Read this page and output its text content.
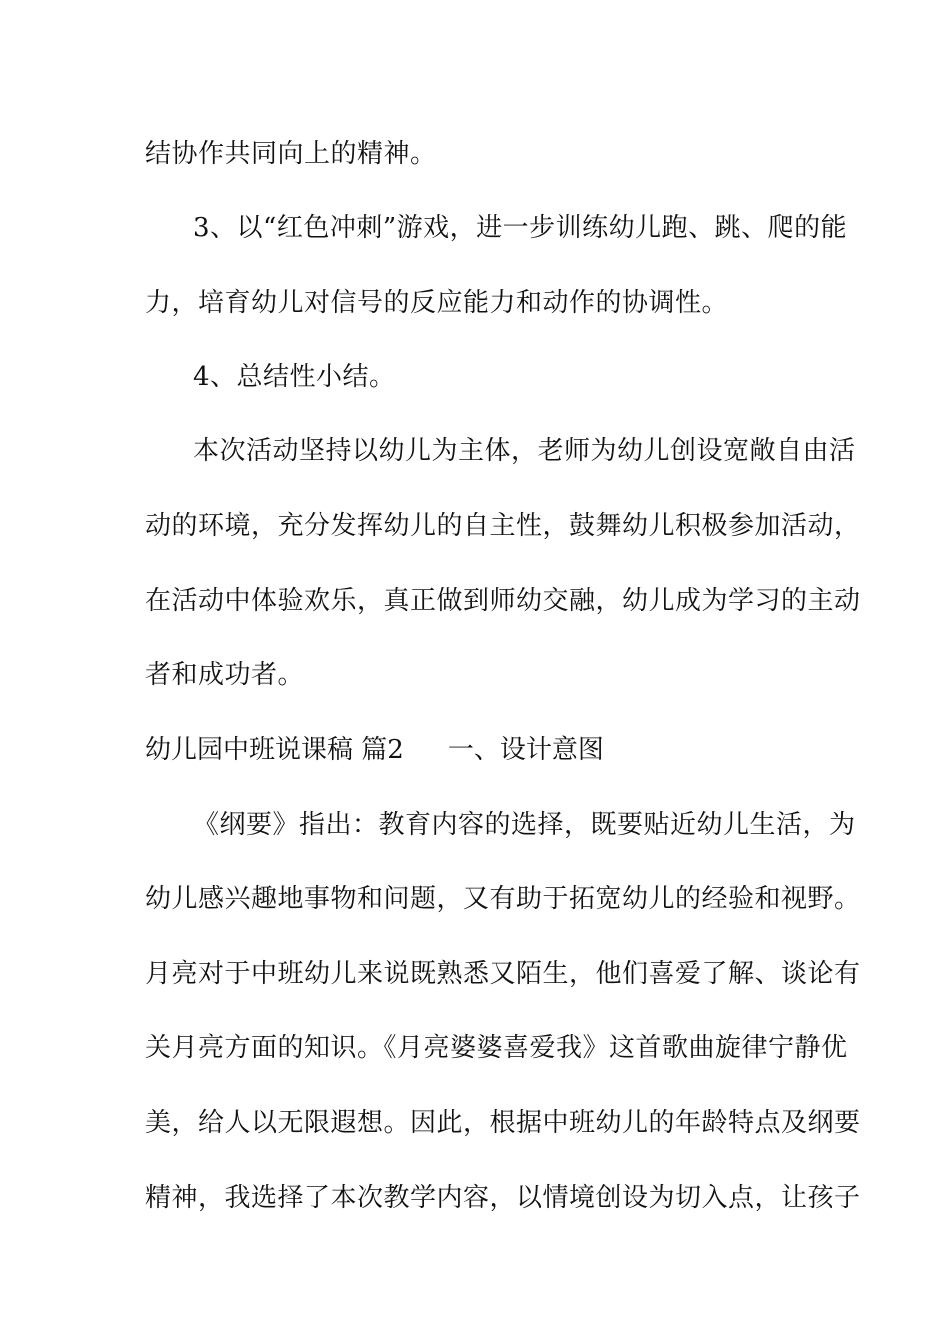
结协作共同向上的精神。
3、以“红色冲刺”游戏，进一步训练幼儿跑、跳、爬的能
力，培育幼儿对信号的反应能力和动作的协调性。
4、总结性小结。
本次活动坚持以幼儿为主体，老师为幼儿创设宽敞自由活
动的环境，充分发挥幼儿的自主性，鼓舞幼儿积极参加活动，
在活动中体验欢乐，真正做到师幼交融，幼儿成为学习的主动
者和成功者。
幼儿园中班说课稿 篇2 一、设计意图
《纲要》指出：教育内容的选择，既要贴近幼儿生活，为
幼儿感兴趣地事物和问题，又有助于拓宽幼儿的经验和视野。
月亮对于中班幼儿来说既熟悉又陌生，他们喜爱了解、谈论有
关月亮方面的知识。《月亮婆婆喜爱我》这首歌曲旋律宁静优
美，给人以无限遐想。因此，根据中班幼儿的年龄特点及纲要
精神，我选择了本次教学内容，以情境创设为切入点，让孩子
